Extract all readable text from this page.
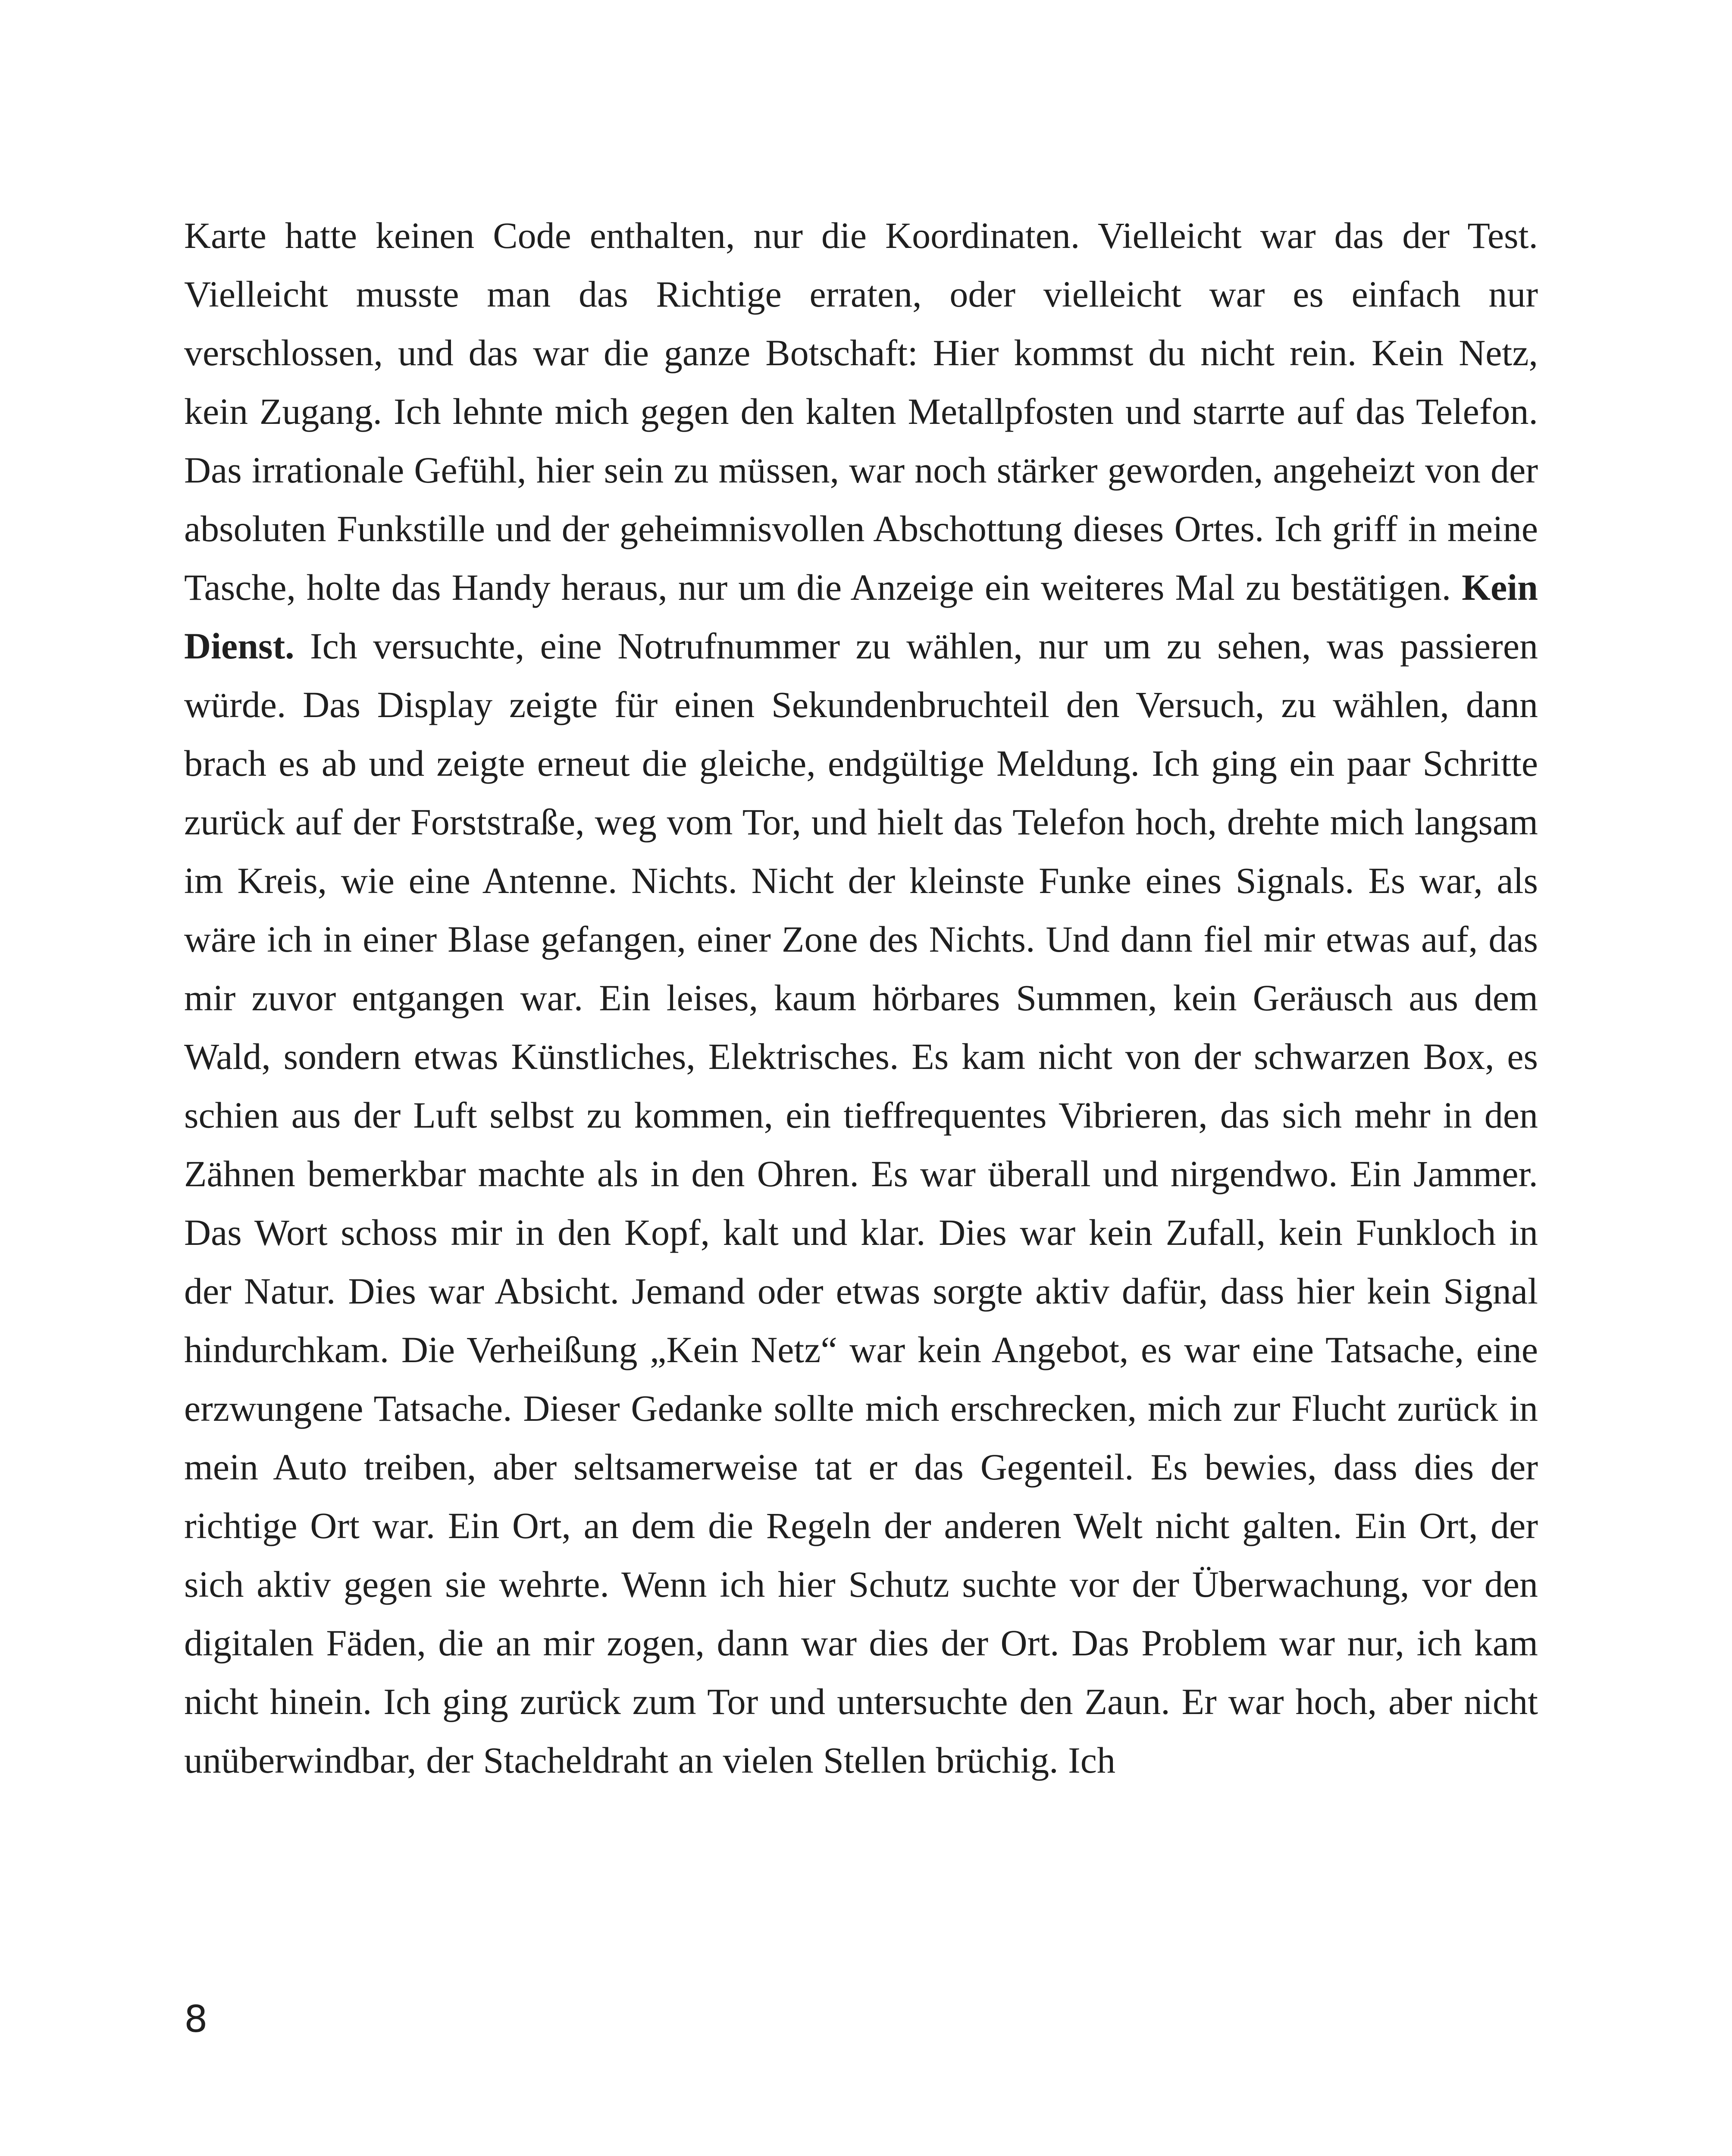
Karte hatte keinen Code enthalten, nur die Koordinaten. Vielleicht war das der Test. Vielleicht musste man das Richtige erraten, oder vielleicht war es einfach nur verschlossen, und das war die ganze Botschaft: Hier kommst du nicht rein. Kein Netz, kein Zugang. Ich lehnte mich gegen den kalten Metallpfosten und starrte auf das Telefon. Das irrationale Gefühl, hier sein zu müssen, war noch stärker geworden, angeheizt von der absoluten Funkstille und der geheimnisvollen Abschottung dieses Ortes. Ich griff in meine Tasche, holte das Handy heraus, nur um die Anzeige ein weiteres Mal zu bestätigen. Kein Dienst. Ich versuchte, eine Notrufnummer zu wählen, nur um zu sehen, was passieren würde. Das Display zeigte für einen Sekundenbruchteil den Versuch, zu wählen, dann brach es ab und zeigte erneut die gleiche, endgültige Meldung. Ich ging ein paar Schritte zurück auf der Forststraße, weg vom Tor, und hielt das Telefon hoch, drehte mich langsam im Kreis, wie eine Antenne. Nichts. Nicht der kleinste Funke eines Signals. Es war, als wäre ich in einer Blase gefangen, einer Zone des Nichts. Und dann fiel mir etwas auf, das mir zuvor entgangen war. Ein leises, kaum hörbares Summen, kein Geräusch aus dem Wald, sondern etwas Künstliches, Elektrisches. Es kam nicht von der schwarzen Box, es schien aus der Luft selbst zu kommen, ein tieffrequentes Vibrieren, das sich mehr in den Zähnen bemerkbar machte als in den Ohren. Es war überall und nirgendwo. Ein Jammer. Das Wort schoss mir in den Kopf, kalt und klar. Dies war kein Zufall, kein Funkloch in der Natur. Dies war Absicht. Jemand oder etwas sorgte aktiv dafür, dass hier kein Signal hindurchkam. Die Verheißung „Kein Netz“ war kein Angebot, es war eine Tatsache, eine erzwungene Tatsache. Dieser Gedanke sollte mich erschrecken, mich zur Flucht zurück in mein Auto treiben, aber seltsamerweise tat er das Gegenteil. Es bewies, dass dies der richtige Ort war. Ein Ort, an dem die Regeln der anderen Welt nicht galten. Ein Ort, der sich aktiv gegen sie wehrte. Wenn ich hier Schutz suchte vor der Überwachung, vor den digitalen Fäden, die an mir zogen, dann war dies der Ort. Das Problem war nur, ich kam nicht hinein. Ich ging zurück zum Tor und untersuchte den Zaun. Er war hoch, aber nicht unüberwindbar, der Stacheldraht an vielen Stellen brüchig. Ich

8
